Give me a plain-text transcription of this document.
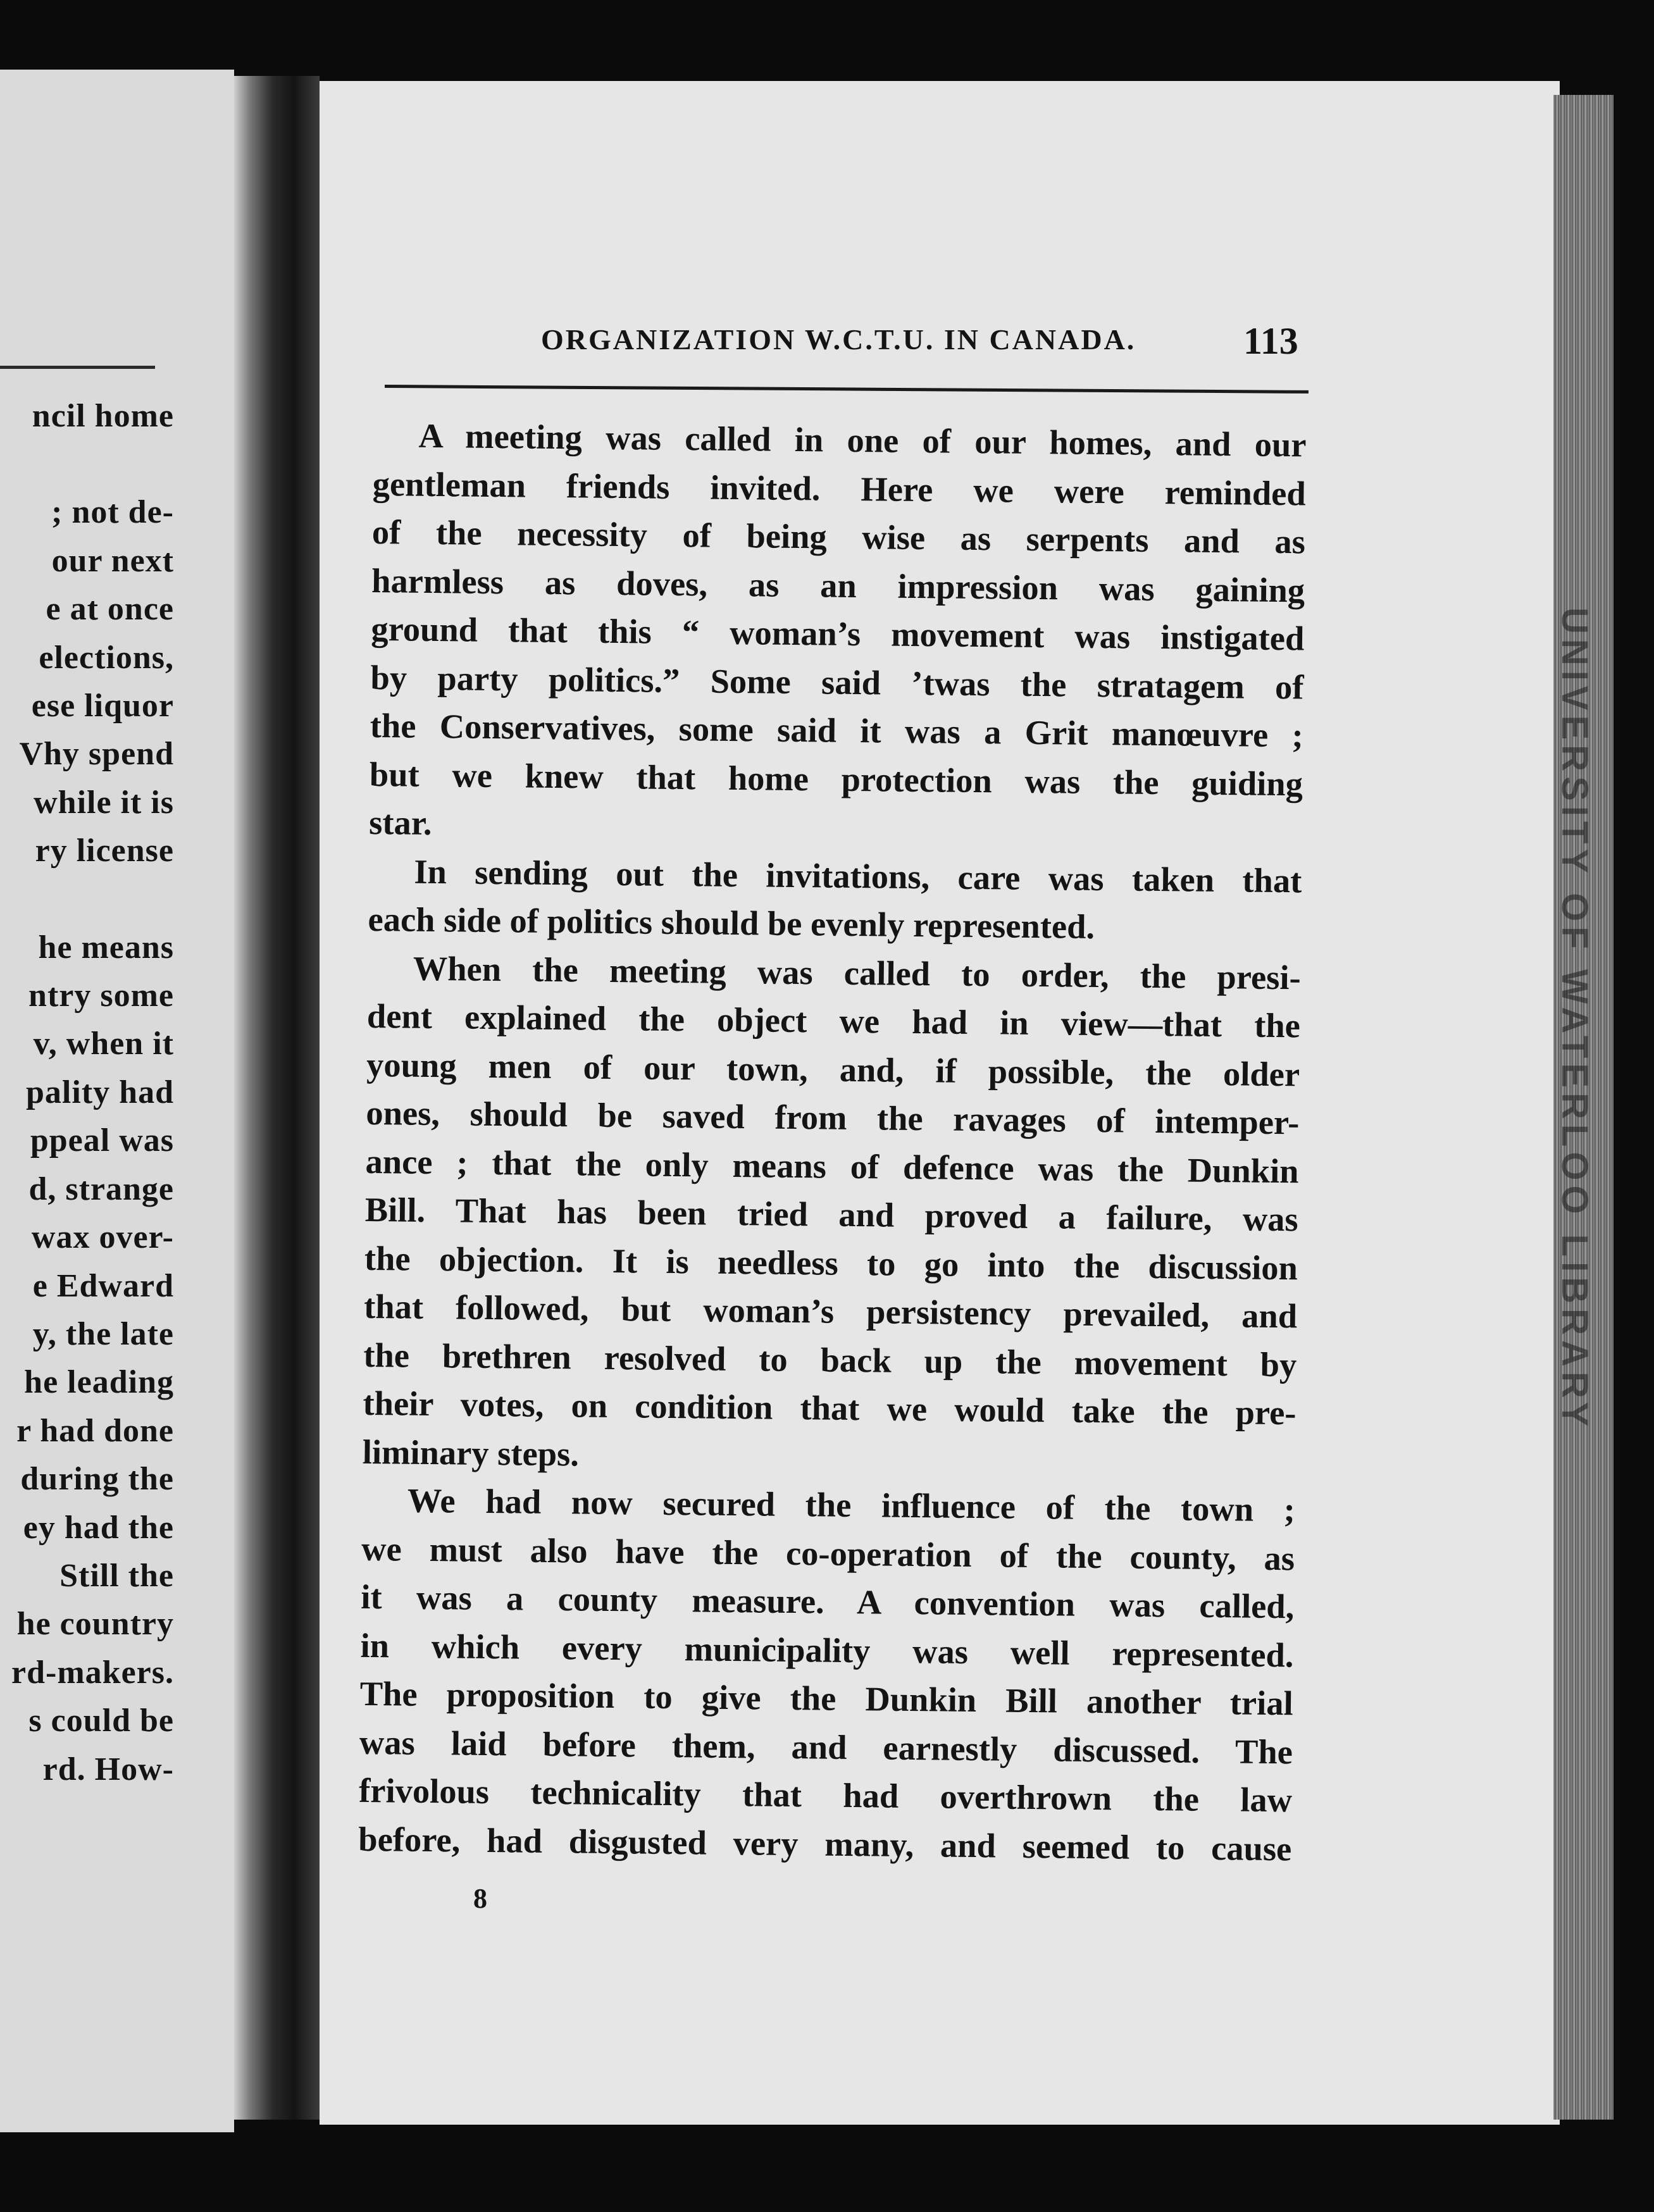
ncil home
; not de-
our next
e at once
elections,
ese liquor
Vhy spend
while it is
ry license
he means
ntry some
v, when it
pality had
ppeal was
d, strange
wax over-
e Edward
y, the late
he leading
r had done
during the
ey had the
Still the
he country
rd-makers.
s could be
rd. How-
UNIVERSITY OF WATERLOO LIBRARY
ORGANIZATION W.C.T.U. IN CANADA.	113
A meeting was called in one of our homes, and our
gentleman friends invited. Here we were reminded
of the necessity of being wise as serpents and as
harmless as doves, as an impression was gaining
ground that this “ woman’s movement was instigated
by party politics.” Some said ’twas the stratagem of
the Conservatives, some said it was a Grit manœuvre ;
but we knew that home protection was the guiding
star.
In sending out the invitations, care was taken that
each side of politics should be evenly represented.
When the meeting was called to order, the presi-
dent explained the object we had in view—that the
young men of our town, and, if possible, the older
ones, should be saved from the ravages of intemper-
ance ; that the only means of defence was the Dunkin
Bill. That has been tried and proved a failure, was
the objection. It is needless to go into the discussion
that followed, but woman’s persistency prevailed, and
the brethren resolved to back up the movement by
their votes, on condition that we would take the pre-
liminary steps.
We had now secured the influence of the town ;
we must also have the co-operation of the county, as
it was a county measure. A convention was called,
in which every municipality was well represented.
The proposition to give the Dunkin Bill another trial
was laid before them, and earnestly discussed. The
frivolous technicality that had overthrown the law
before, had disgusted very many, and seemed to cause
8
